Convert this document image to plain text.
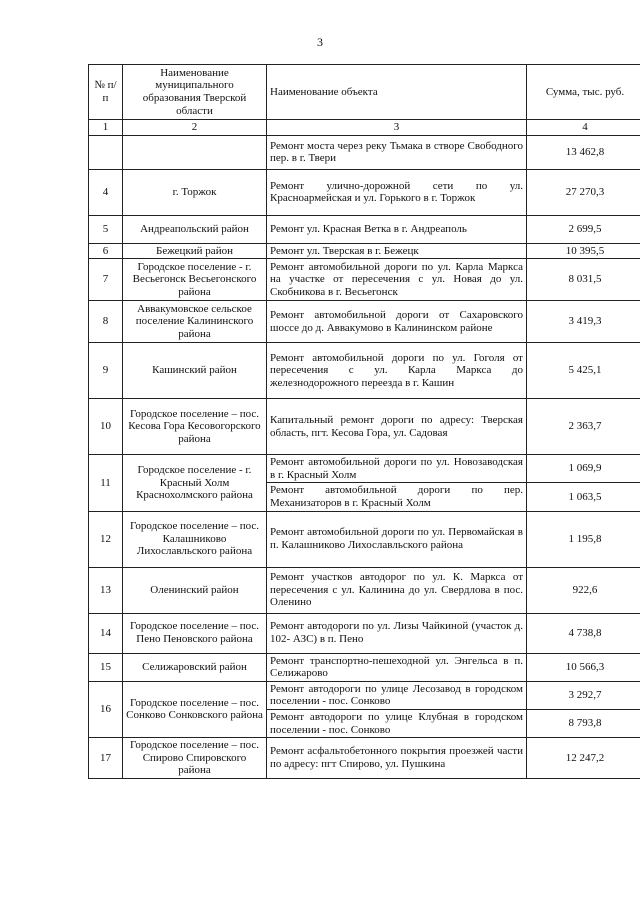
3
№ п/п	Наименование муниципального образования Тверской области	Наименование объекта	Сумма, тыс. руб.
1	2	3	4
		Ремонт моста через реку Тьмака в створе Свободного пер. в г. Твери	13 462,8
4	г. Торжок	Ремонт улично-дорожной сети по ул. Красноармейская и ул. Горького в г. Торжок	27 270,3
5	Андреапольский район	Ремонт ул. Красная Ветка в г. Андреаполь	2 699,5
6	Бежецкий район	Ремонт ул. Тверская в г. Бежецк	10 395,5
7	Городское поселение - г. Весьегонск Весьегонского района	Ремонт автомобильной дороги по ул. Карла Маркса на участке от пересечения с ул. Новая до ул. Скобникова в г. Весьегонск	8 031,5
8	Аввакумовское сельское поселение Калининского района	Ремонт автомобильной дороги от Сахаровского шоссе до д. Аввакумово в Калининском районе	3 419,3
9	Кашинский район	Ремонт автомобильной дороги по ул. Гоголя от пересечения с ул. Карла Маркса до железнодорожного переезда в г. Кашин	5 425,1
10	Городское поселение – пос. Кесова Гора Кесовогорского района	Капитальный ремонт дороги по адресу: Тверская область, пгт. Кесова Гора, ул. Садовая	2 363,7
11	Городское поселение - г. Красный Холм Краснохолмского района	Ремонт автомобильной дороги по ул. Новозаводская в г. Красный Холм	1 069,9
		Ремонт автомобильной дороги по пер. Механизаторов в г. Красный Холм	1 063,5
12	Городское поселение – пос. Калашниково Лихославльского района	Ремонт автомобильной дороги по ул. Первомайская в п. Калашниково Лихославльского района	1 195,8
13	Оленинский район	Ремонт участков автодорог по ул. К. Маркса от пересечения с ул. Калинина до ул. Свердлова в пос. Оленино	922,6
14	Городское поселение – пос. Пено Пеновского района	Ремонт автодороги по ул. Лизы Чайкиной (участок д. 102- АЗС) в п. Пено	4 738,8
15	Селижаровский район	Ремонт транспортно-пешеходной ул. Энгельса в п. Селижарово	10 566,3
16	Городское поселение – пос. Сонково Сонковского района	Ремонт автодороги по улице Лесозавод в городском поселении - пос. Сонково	3 292,7
		Ремонт автодороги по улице Клубная в городском поселении - пос. Сонково	8 793,8
17	Городское поселение – пос. Спирово Спировского района	Ремонт асфальтобетонного покрытия проезжей части по адресу: пгт Спирово, ул. Пушкина	12 247,2
